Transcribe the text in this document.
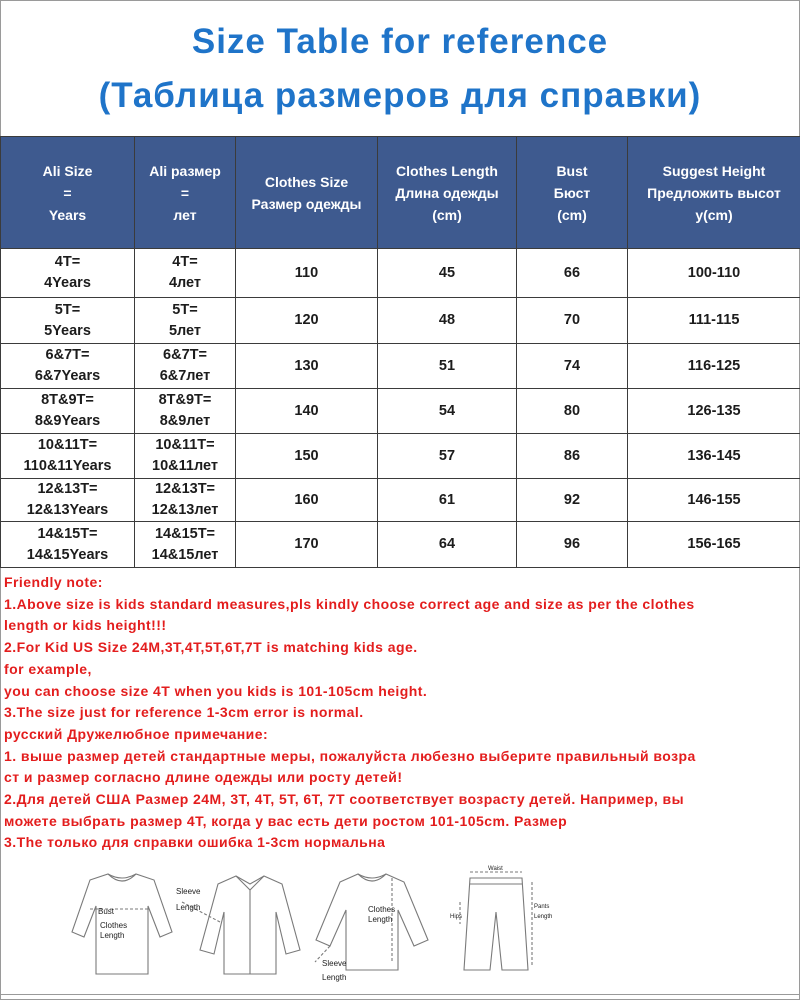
Size Table for reference
(Таблица размеров для справки)
Ali Size
=
Years	Ali размер
=
лет	Clothes Size
Размер одежды	Clothes Length
Длина одежды
(cm)	Bust
Бюст
(cm)	Suggest Height
Предложить высот
у(cm)

4T=
4Years	4T=
4лет	110	45	66	100-110

5T=
5Years	5T=
5лет	120	48	70	111-115

6&7T=
6&7Years	6&7T=
6&7лет	130	51	74	116-125

8T&9T=
8&9Years	8T&9T=
8&9лет	140	54	80	126-135

10&11T=
110&11Years	10&11T=
10&11лет	150	57	86	136-145

12&13T=
12&13Years	12&13T=
12&13лет	160	61	92	146-155

14&15T=
14&15Years	14&15T=
14&15лет	170	64	96	156-165
Friendly note:
1.Above size is kids standard measures,pls kindly choose correct age and size as per the clothes
length or kids height!!!
2.For Kid US Size 24M,3T,4T,5T,6T,7T is matching kids age.
for example,
you can choose size 4T when you kids is 101-105cm height.
3.The size just for reference 1-3cm error is normal.
русский Дружелюбное примечание:
1. выше размер детей стандартные меры, пожалуйста любезно выберите правильный возра
ст и размер согласно длине одежды или росту детей!
2.Для детей США Размер 24M, 3T, 4T, 5T, 6T, 7T соответствует возрасту детей. Например, вы
можете выбрать размер 4T, когда у вас есть дети ростом 101-105cm. Размер
3.The только для справки ошибка 1-3cm нормальна
Bust
Clothes
Length
Sleeve
Length	Clothes
Length
Sleeve
Length
Waist
Hips
Pants
Length
